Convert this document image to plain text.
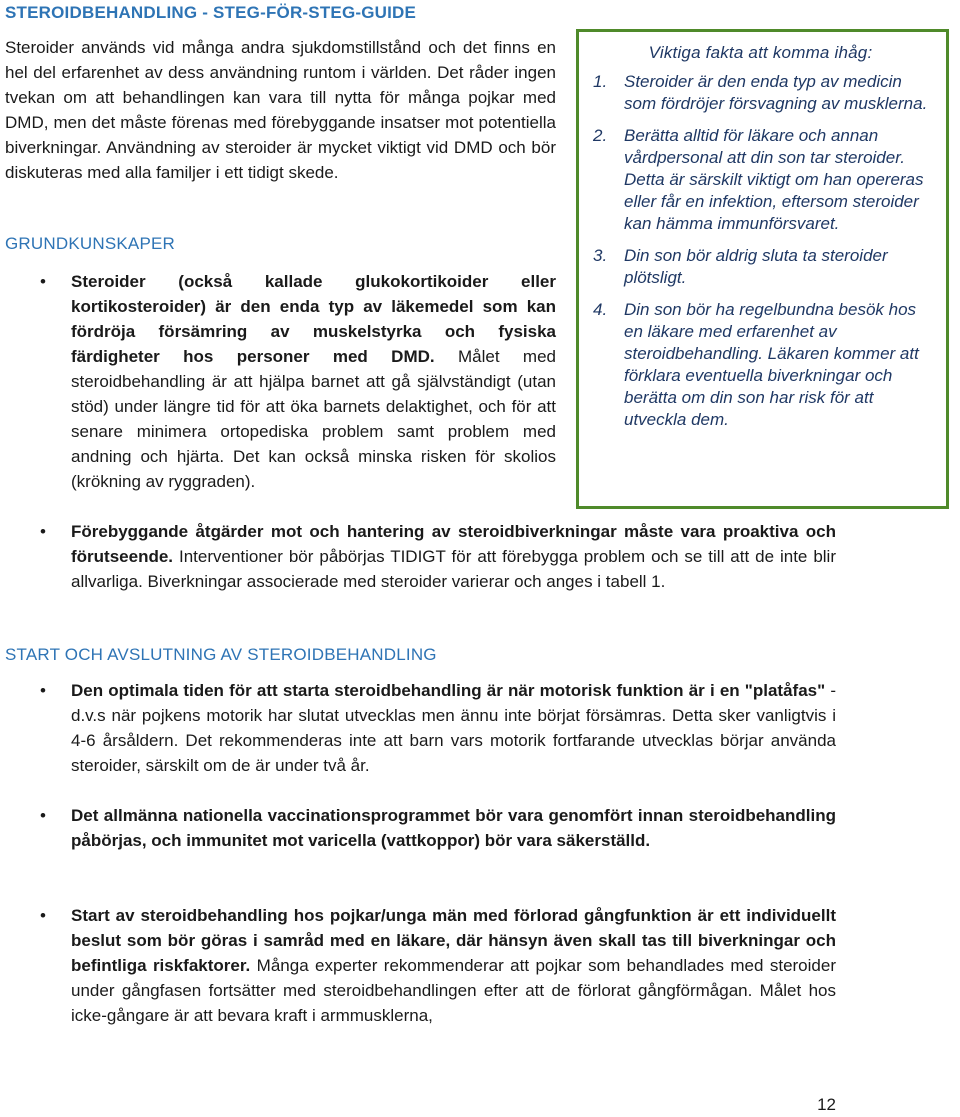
STEROIDBEHANDLING - STEG-FÖR-STEG-GUIDE

Steroider används vid många andra sjukdomstillstånd och det finns en hel del erfarenhet av dess användning runtom i världen. Det råder ingen tvekan om att behandlingen kan vara till nytta för många pojkar med DMD, men det måste förenas med förebyggande insatser mot potentiella biverkningar. Användning av steroider är mycket viktigt vid DMD och bör diskuteras med alla familjer i ett tidigt skede.

GRUNDKUNSKAPER
• Steroider (också kallade glukokortikoider eller kortikosteroider) är den enda typ av läkemedel som kan fördröja försämring av muskelstyrka och fysiska färdigheter hos personer med DMD. Målet med steroidbehandling är att hjälpa barnet att gå självständigt (utan stöd) under längre tid för att öka barnets delaktighet, och för att senare minimera ortopediska problem samt problem med andning och hjärta. Det kan också minska risken för skolios (krökning av ryggraden).
• Förebyggande åtgärder mot och hantering av steroidbiverkningar måste vara proaktiva och förutseende. Interventioner bör påbörjas TIDIGT för att förebygga problem och se till att de inte blir allvarliga. Biverkningar associerade med steroider varierar och anges i tabell 1.
START OCH AVSLUTNING AV STEROIDBEHANDLING
• Den optimala tiden för att starta steroidbehandling är när motorisk funktion är i en "platåfas" - d.v.s när pojkens motorik har slutat utvecklas men ännu inte börjat försämras. Detta sker vanligtvis i 4-6 årsåldern. Det rekommenderas inte att barn vars motorik fortfarande utvecklas börjar använda steroider, särskilt om de är under två år.
• Det allmänna nationella vaccinationsprogrammet bör vara genomfört innan steroidbehandling påbörjas, och immunitet mot varicella (vattkoppor) bör vara säkerställd.
• Start av steroidbehandling hos pojkar/unga män med förlorad gångfunktion är ett individuellt beslut som bör göras i samråd med en läkare, där hänsyn även skall tas till biverkningar och befintliga riskfaktorer. Många experter rekommenderar att pojkar som behandlades med steroider under gångfasen fortsätter med steroidbehandlingen efter att de förlorat gångförmågan. Målet hos icke-gångare är att bevara kraft i armmusklerna,
Viktiga fakta att komma ihåg:
1. Steroider är den enda typ av medicin som fördröjer försvagning av musklerna.
2. Berätta alltid för läkare och annan vårdpersonal att din son tar steroider. Detta är särskilt viktigt om han opereras eller får en infektion, eftersom steroider kan hämma immunförsvaret.
3. Din son bör aldrig sluta ta steroider plötsligt.
4. Din son bör ha regelbundna besök hos en läkare med erfarenhet av steroidbehandling. Läkaren kommer att förklara eventuella biverkningar och berätta om din son har risk för att utveckla dem.
12
